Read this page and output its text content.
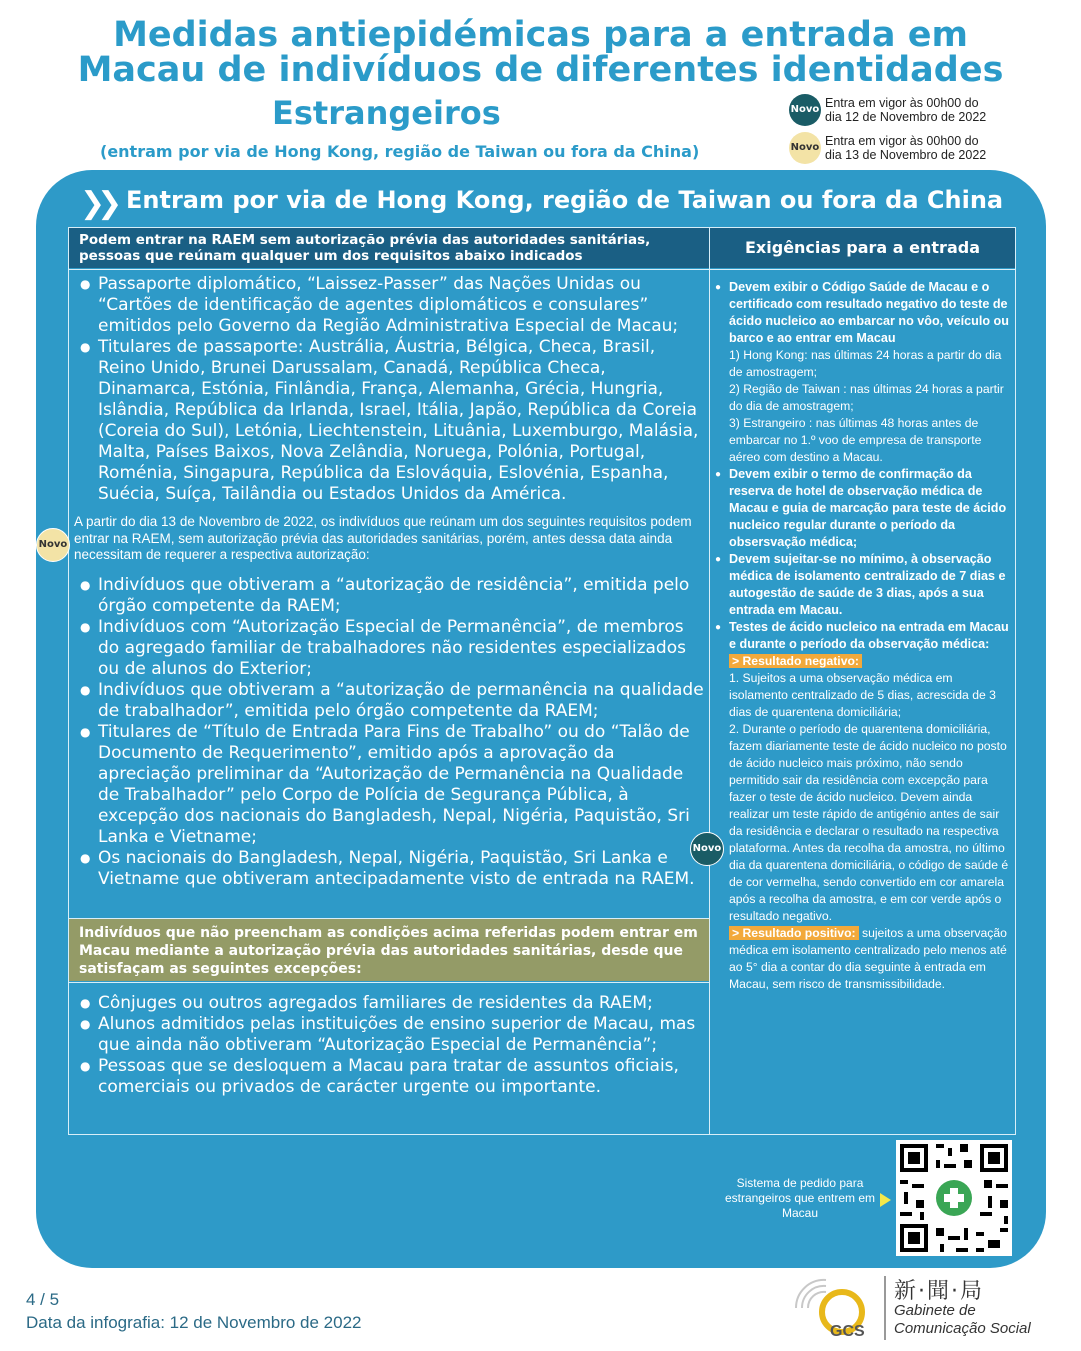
Medidas antiepidémicas para a entrada em
Macau de indivíduos de diferentes identidades
Estrangeiros
(entram por via de Hong Kong, região de Taiwan ou fora da China)
Novo Entra em vigor às 00h00 do
dia 12 de Novembro de 2022
Novo Entra em vigor às 00h00 do
dia 13 de Novembro de 2022
❯❯ Entram por via de Hong Kong, região de Taiwan ou fora da China
Podem entrar na RAEM sem autorização prévia das autoridades sanitárias, pessoas que reúnam qualquer um dos requisitos abaixo indicados	Exigências para a entrada
● Passaporte diplomático, “Laissez-Passer” das Nações Unidas ou “Cartões de identificação de agentes diplomáticos e consulares” emitidos pelo Governo da Região Administrativa Especial de Macau;
● Titulares de passaporte: Austrália, Áustria, Bélgica, Checa, Brasil, Reino Unido, Brunei Darussalam, Canadá, República Checa, Dinamarca, Estónia, Finlândia, França, Alemanha, Grécia, Hungria, Islândia, República da Irlanda, Israel, Itália, Japão, República da Coreia (Coreia do Sul), Letónia, Liechtenstein, Lituânia, Luxemburgo, Malásia, Malta, Países Baixos, Nova Zelândia, Noruega, Polónia, Portugal, Roménia, Singapura, República da Eslováquia, Eslovénia, Espanha, Suécia, Suíça, Tailândia ou Estados Unidos da América.
A partir do dia 13 de Novembro de 2022, os indivíduos que reúnam um dos seguintes requisitos podem entrar na RAEM, sem autorização prévia das autoridades sanitárias, porém, antes dessa data ainda necessitam de requerer a respectiva autorização:
● Indivíduos que obtiveram a “autorização de residência”, emitida pelo órgão competente da RAEM;
● Indivíduos com “Autorização Especial de Permanência”, de membros do agregado familiar de trabalhadores não residentes especializados ou de alunos do Exterior;
● Indivíduos que obtiveram a “autorização de permanência na qualidade de trabalhador”, emitida pelo órgão competente da RAEM;
● Titulares de “Título de Entrada Para Fins de Trabalho” ou do “Talão de Documento de Requerimento”, emitido após a aprovação da apreciação preliminar da “Autorização de Permanência na Qualidade de Trabalhador” pelo Corpo de Polícia de Segurança Pública, à excepção dos nacionais do Bangladesh, Nepal, Nigéria, Paquistão, Sri Lanka e Vietname;
● Os nacionais do Bangladesh, Nepal, Nigéria, Paquistão, Sri Lanka e Vietname que obtiveram antecipadamente visto de entrada na RAEM.
Indivíduos que não preencham as condições acima referidas podem entrar em Macau mediante a autorização prévia das autoridades sanitárias, desde que satisfaçam as seguintes excepções:
● Cônjuges ou outros agregados familiares de residentes da RAEM;
● Alunos admitidos pelas instituições de ensino superior de Macau, mas que ainda não obtiveram “Autorização Especial de Permanência”;
● Pessoas que se desloquem a Macau para tratar de assuntos oficiais, comerciais ou privados de carácter urgente ou importante.
● Devem exibir o Código Saúde de Macau e o certificado com resultado negativo do teste de ácido nucleico ao embarcar no vôo, veículo ou barco e ao entrar em Macau
1) Hong Kong: nas últimas 24 horas a partir do dia de amostragem;
2) Região de Taiwan : nas últimas 24 horas a partir do dia de amostragem;
3) Estrangeiro : nas últimas 48 horas antes de embarcar no 1.º voo de empresa de transporte aéreo com destino a Macau.
● Devem exibir o termo de confirmação da reserva de hotel de observação médica de Macau e guia de marcação para teste de ácido nucleico regular durante o período da obsersvação médica;
● Devem sujeitar-se no mínimo, à observação médica de isolamento centralizado de 7 dias e autogestão de saúde de 3 dias, após a sua entrada em Macau.
● Testes de ácido nucleico na entrada em Macau e durante o período da observação médica:
> Resultado negativo:
1. Sujeitos a uma observação médica em isolamento centralizado de 5 dias, acrescida de 3 dias de quarentena domiciliária;
2. Durante o período de quarentena domiciliária, fazem diariamente teste de ácido nucleico no posto de ácido nucleico mais próximo, não sendo permitido sair da residência com excepção para fazer o teste de ácido nucleico. Devem ainda realizar um teste rápido de antigénio antes de sair da residência e declarar o resultado na respectiva plataforma. Antes da recolha da amostra, no último dia da quarentena domiciliária, o código de saúde é de cor vermelha, sendo convertido em cor amarela após a recolha da amostra, e em cor verde após o resultado negativo.
> Resultado positivo: sujeitos a uma observação médica em isolamento centralizado pelo menos até ao 5° dia a contar do dia seguinte à entrada em Macau, sem risco de transmissibilidade.
Novo
Novo
Sistema de pedido para estrangeiros que entrem em Macau
4 / 5
Data da infografia: 12 de Novembro de 2022	GCS
新·聞·局
Gabinete de
Comunicação Social
